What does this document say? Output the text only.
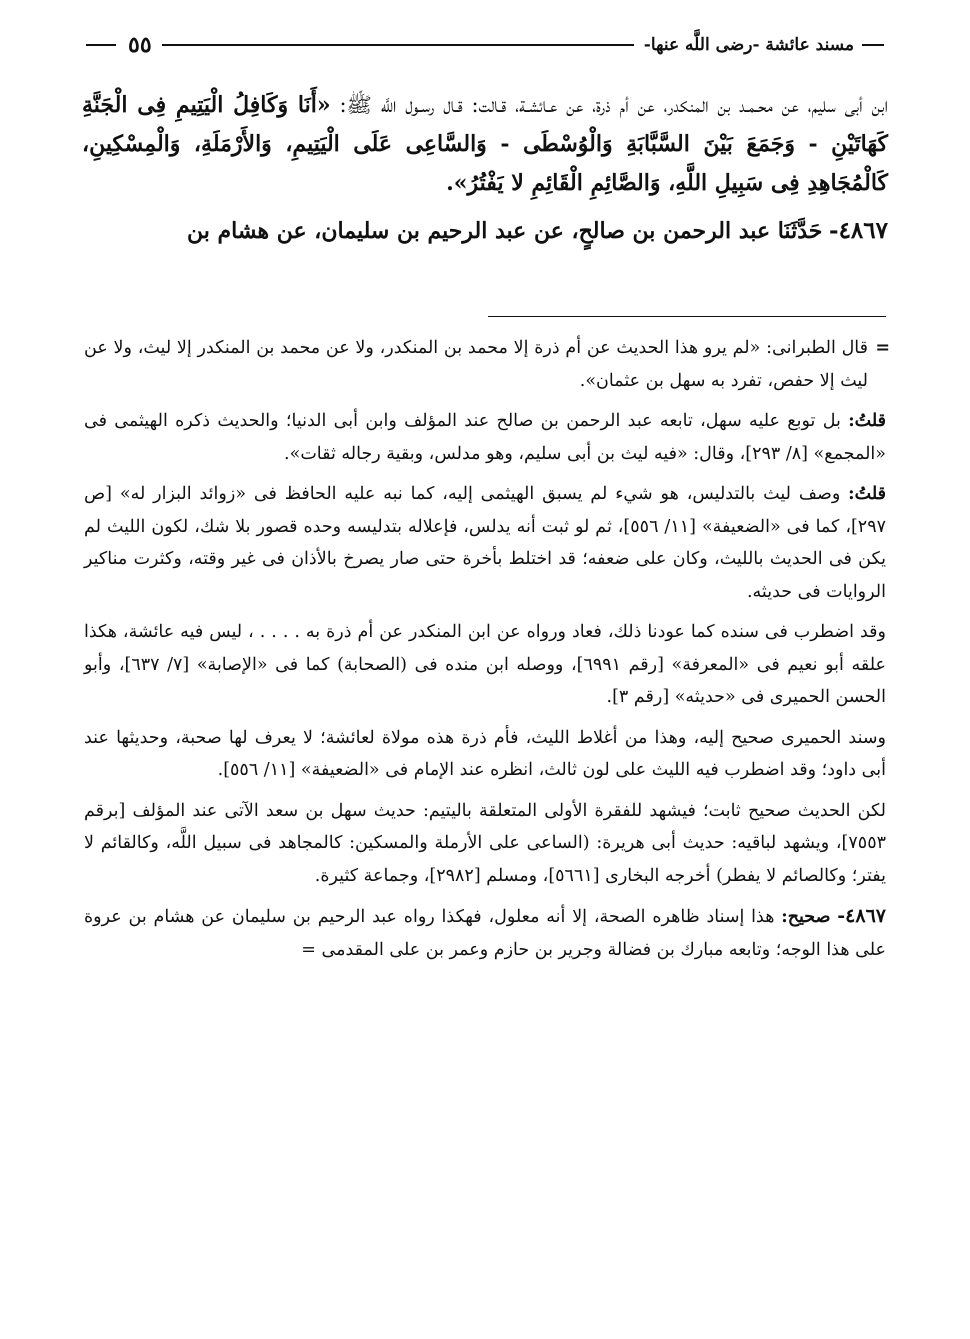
مسند عائشة -رضى اللَّه عنها-
٥٥

ابن أبى سليم، عن محـمـد بن المنكدر، عن أم ذرة، عن عـائشـة، قـالت: قـال رسـول اللَّه ﷺ: «أَنَا وَكَافِلُ الْيَتِيمِ فِى الْجَنَّةِ كَهَاتَيْنِ - وَجَمَعَ بَيْنَ السَّبَّابَةِ وَالْوُسْطَى - وَالسَّاعِى عَلَى الْيَتِيمِ، وَالأَرْمَلَةِ، وَالْمِسْكِينِ، كَالْمُجَاهِدِ فِى سَبِيلِ اللَّهِ، وَالصَّائِمِ الْقَائِمِ لا يَفْتُرُ».

٤٨٦٧- حَدَّثَنَا عبد الرحمن بن صالحٍ، عن عبد الرحيم بن سليمان، عن هشام بن

=
قال الطبرانى: «لم يرو هذا الحديث عن أم ذرة إلا محمد بن المنكدر، ولا عن محمد بن المنكدر إلا ليث، ولا عن ليث إلا حفص، تفرد به سهل بن عثمان».

قلتُ: بل توبع عليه سهل، تابعه عبد الرحمن بن صالح عند المؤلف وابن أبى الدنيا؛ والحديث ذكره الهيثمى فى «المجمع» [٨/ ٢٩٣]، وقال: «فيه ليث بن أبى سليم، وهو مدلس، وبقية رجاله ثقات».

قلتُ: وصف ليث بالتدليس، هو شيء لم يسبق الهيثمى إليه، كما نبه عليه الحافظ فى «زوائد البزار له» [ص ٢٩٧]، كما فى «الضعيفة» [١١/ ٥٥٦]، ثم لو ثبت أنه يدلس، فإعلاله بتدليسه وحده قصور بلا شك، لكون الليث لم يكن فى الحديث بالليث، وكان على ضعفه؛ قد اختلط بأخرة حتى صار يصرخ بالأذان فى غير وقته، وكثرت مناكير الروايات فى حديثه.

وقد اضطرب فى سنده كما عودنا ذلك، فعاد ورواه عن ابن المنكدر عن أم ذرة به . . . . ، ليس فيه عائشة، هكذا علقه أبو نعيم فى «المعرفة» [رقم ٦٩٩١]، ووصله ابن منده فى (الصحابة) كما فى «الإصابة» [٧/ ٦٣٧]، وأبو الحسن الحميرى فى «حديثه» [رقم ٣].

وسند الحميرى صحيح إليه، وهذا من أغلاط الليث، فأم ذرة هذه مولاة لعائشة؛ لا يعرف لها صحبة، وحديثها عند أبى داود؛ وقد اضطرب فيه الليث على لون ثالث، انظره عند الإمام فى «الضعيفة» [١١/ ٥٥٦].

لكن الحديث صحيح ثابت؛ فيشهد للفقرة الأولى المتعلقة باليتيم: حديث سهل بن سعد الآتى عند المؤلف [برقم ٧٥٥٣]، ويشهد لباقيه: حديث أبى هريرة: (الساعى على الأرملة والمسكين: كالمجاهد فى سبيل اللَّه، وكالقائم لا يفتر؛ وكالصائم لا يفطر) أخرجه البخارى [٥٦٦١]، ومسلم [٢٩٨٢]، وجماعة كثيرة.

٤٨٦٧- صحيح: هذا إسناد ظاهره الصحة، إلا أنه معلول، فهكذا رواه عبد الرحيم بن سليمان عن هشام بن عروة على هذا الوجه؛ وتابعه مبارك بن فضالة وجرير بن حازم وعمر بن على المقدمى =
